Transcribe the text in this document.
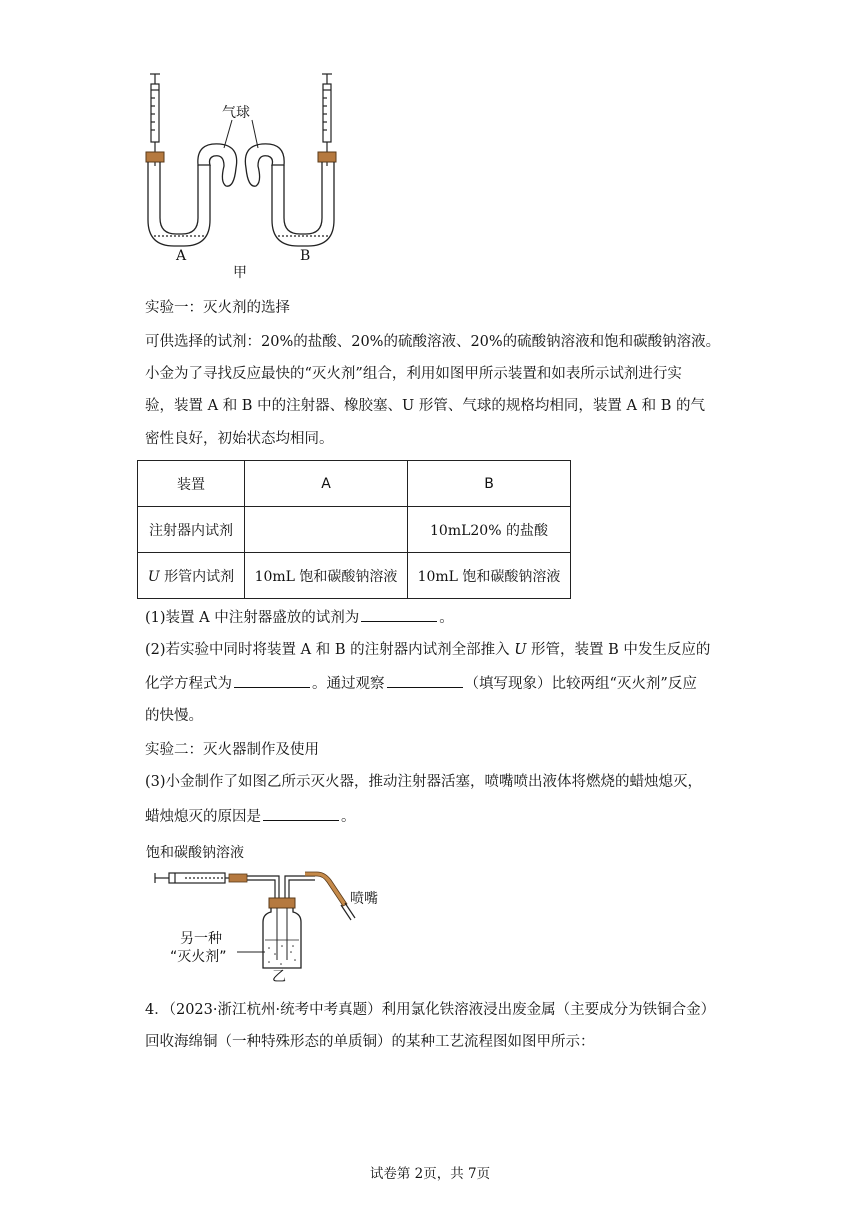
气球
A	B
甲
实验一：灭火剂的选择
可供选择的试剂：20%的盐酸、20%的硫酸溶液、20%的硫酸钠溶液和饱和碳酸钠溶液。
小金为了寻找反应最快的“灭火剂”组合，利用如图甲所示装置和如表所示试剂进行实
验，装置 A 和 B 中的注射器、橡胶塞、U 形管、气球的规格均相同，装置 A 和 B 的气
密性良好，初始状态均相同。
装置	A	B
注射器内试剂		10mL20% 的盐酸
U 形管内试剂	10mL 饱和碳酸钠溶液	10mL 饱和碳酸钠溶液
(1)装置 A 中注射器盛放的试剂为	。
(2)若实验中同时将装置 A 和 B 的注射器内试剂全部推入 U 形管，装置 B 中发生反应的
化学方程式为	。通过观察	（填写现象）比较两组“灭火剂”反应
的快慢。
实验二：灭火器制作及使用
(3)小金制作了如图乙所示灭火器，推动注射器活塞，喷嘴喷出液体将燃烧的蜡烛熄灭，
蜡烛熄灭的原因是	。
饱和碳酸钠溶液
喷嘴
另一种
“灭火剂”
乙
4．（2023·浙江杭州·统考中考真题）利用氯化铁溶液浸出废金属（主要成分为铁铜合金）
回收海绵铜（一种特殊形态的单质铜）的某种工艺流程图如图甲所示：
试卷第 2页，共 7页
